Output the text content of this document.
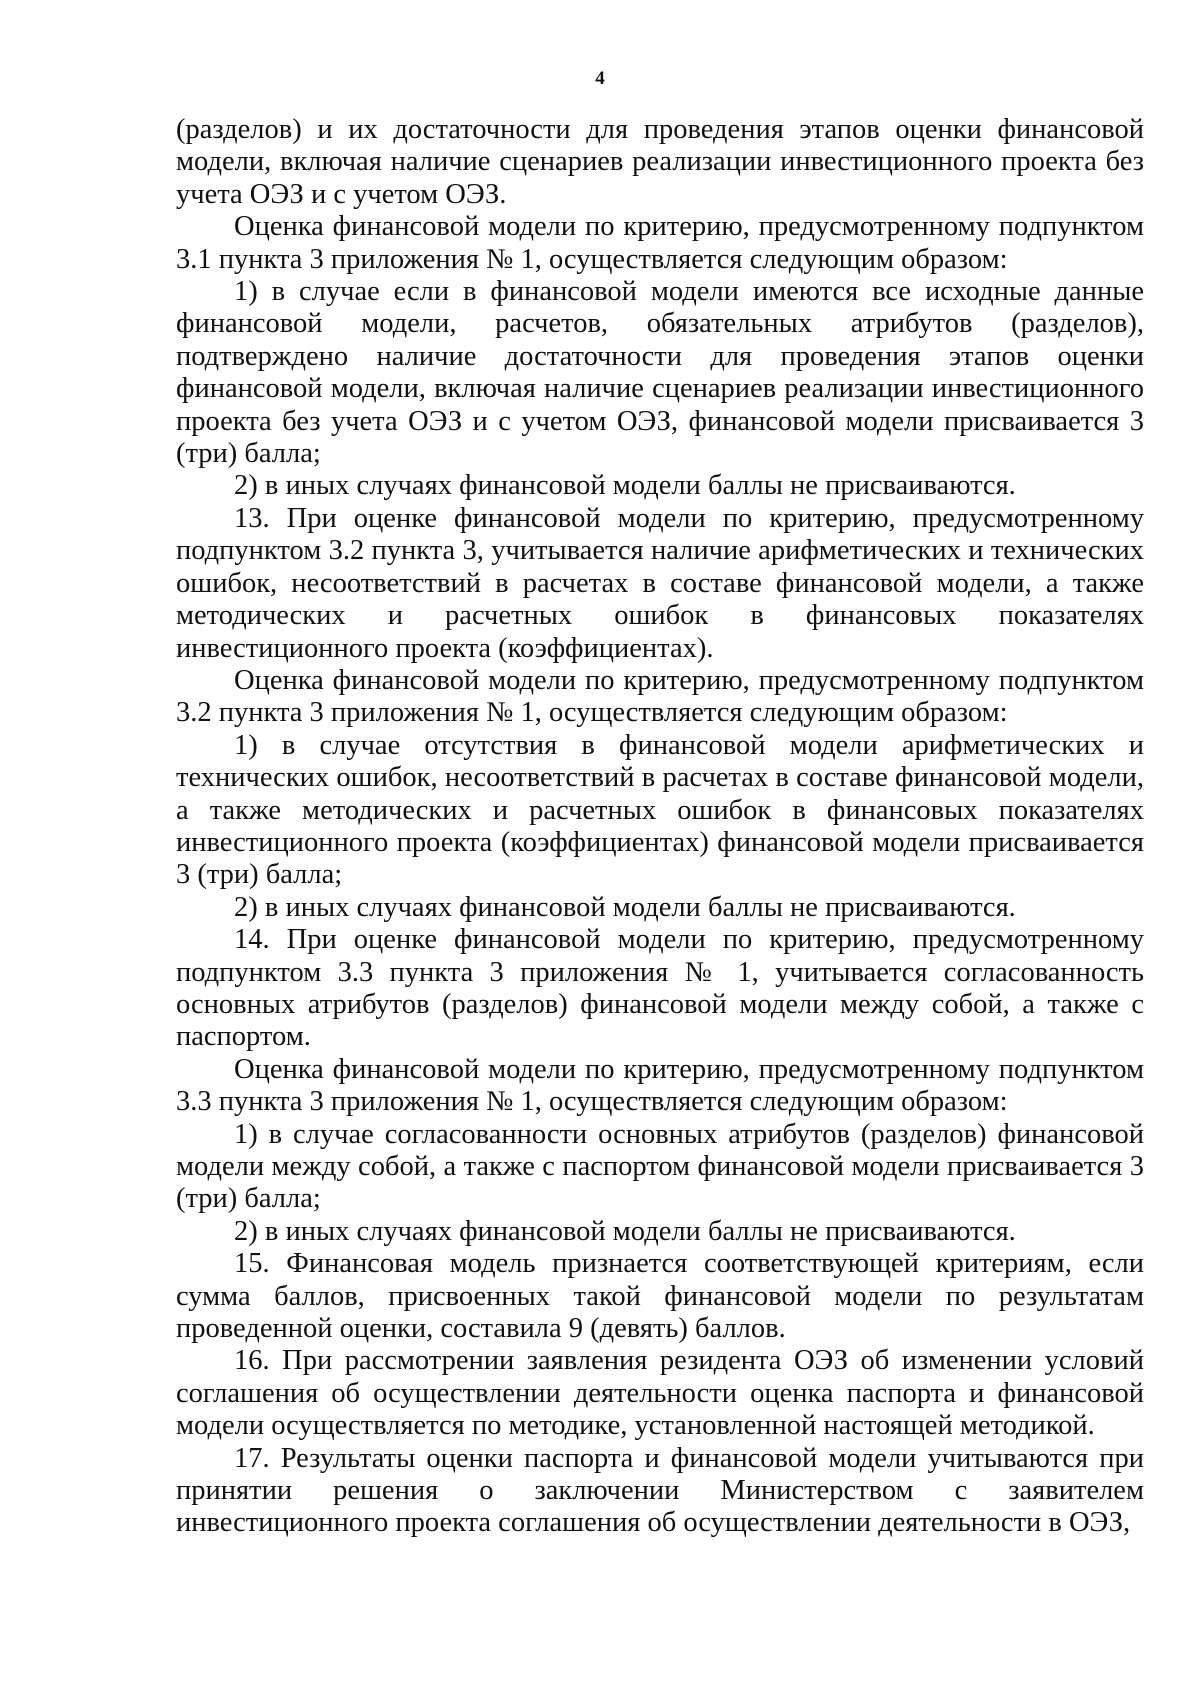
4

(разделов) и их достаточности для проведения этапов оценки финансовой модели, включая наличие сценариев реализации инвестиционного проекта без учета ОЭЗ и с учетом ОЭЗ.

Оценка финансовой модели по критерию, предусмотренному подпунктом 3.1 пункта 3 приложения № 1, осуществляется следующим образом:

1) в случае если в финансовой модели имеются все исходные данные финансовой модели, расчетов, обязательных атрибутов (разделов), подтверждено наличие достаточности для проведения этапов оценки финансовой модели, включая наличие сценариев реализации инвестиционного проекта без учета ОЭЗ и с учетом ОЭЗ, финансовой модели присваивается 3 (три) балла;

2) в иных случаях финансовой модели баллы не присваиваются.

13. При оценке финансовой модели по критерию, предусмотренному подпунктом 3.2 пункта 3, учитывается наличие арифметических и технических ошибок, несоответствий в расчетах в составе финансовой модели, а также методических и расчетных ошибок в финансовых показателях инвестиционного проекта (коэффициентах).

Оценка финансовой модели по критерию, предусмотренному подпунктом 3.2 пункта 3 приложения № 1, осуществляется следующим образом:

1) в случае отсутствия в финансовой модели арифметических и технических ошибок, несоответствий в расчетах в составе финансовой модели, а также методических и расчетных ошибок в финансовых показателях инвестиционного проекта (коэффициентах) финансовой модели присваивается 3 (три) балла;

2) в иных случаях финансовой модели баллы не присваиваются.

14. При оценке финансовой модели по критерию, предусмотренному подпунктом 3.3 пункта 3 приложения № 1, учитывается согласованность основных атрибутов (разделов) финансовой модели между собой, а также с паспортом.

Оценка финансовой модели по критерию, предусмотренному подпунктом 3.3 пункта 3 приложения № 1, осуществляется следующим образом:

1) в случае согласованности основных атрибутов (разделов) финансовой модели между собой, а также с паспортом финансовой модели присваивается 3 (три) балла;

2) в иных случаях финансовой модели баллы не присваиваются.

15. Финансовая модель признается соответствующей критериям, если сумма баллов, присвоенных такой финансовой модели по результатам проведенной оценки, составила 9 (девять) баллов.

16. При рассмотрении заявления резидента ОЭЗ об изменении условий соглашения об осуществлении деятельности оценка паспорта и финансовой модели осуществляется по методике, установленной настоящей методикой.

17. Результаты оценки паспорта и финансовой модели учитываются при принятии решения о заключении Министерством с заявителем инвестиционного проекта соглашения об осуществлении деятельности в ОЭЗ,
